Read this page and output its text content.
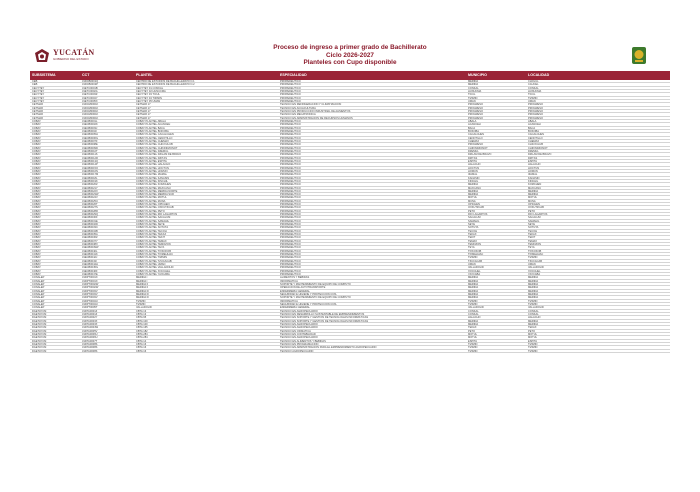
YUCATÁN
GOBIERNO DEL ESTADO
Proceso de ingreso a primer grado de Bachillerato
Ciclo 2026-2027
Planteles con Cupo disponible
SUBSISTEMA	CCT	PLANTEL	ESPECIALIDAD	MUNICIPIO	LOCALIDAD
CEB	31DCB0001Q	CENTRO DE ESTUDIOS DE BACHILLERATO N.1	PROPEDÉUTICO	MÉRIDA	CHOLUL
CEB	31DCB0002P	CENTRO DE ESTUDIOS DE BACHILLERATO N.2	PROPEDÉUTICO	MÉRIDA	CAUCEL
CECYTEY	31ETC0001B	CECYTEY 01 CONKAL	PROPEDÉUTICO	CONKAL	CONKAL
CECYTEY	31ETC0002A	CECYTEY 02 HUNUCMÁ	PROPEDÉUTICO	HUNUCMÁ	HUNUCMÁ
CECYTEY	31ETC0003Z	CECYTEY 03 TICUL	PROPEDÉUTICO	TICUL	TICUL
CECYTEY	31ETC0004Y	CECYTEY 04 TIZIMÍN	PROPEDÉUTICO	TIZIMÍN	TIZIMÍN
CECYTEY	31ETC0005X	CECYTEY 05 UMÁN	PROPEDÉUTICO	UMÁN	UMÁN
CETMAR	31DCM0001K	CETMAR 17	TÉCNICO EN REFRIGERACIÓN Y CLIMATIZACIÓN	PROGRESO	PROGRESO
CETMAR	31DCM0001K	CETMAR 17	TÉCNICO EN ACUACULTURA	PROGRESO	PROGRESO
CETMAR	31DCM0001K	CETMAR 17	TÉCNICO EN PRODUCCIÓN INDUSTRIAL DE ALIMENTOS	PROGRESO	PROGRESO
CETMAR	31DCM0001K	CETMAR 17	TÉCNICO EN MECATRÓNICA	PROGRESO	PROGRESO
CETMAR	31DCM0001K	CETMAR 17	TÉCNICO EN ADMINISTRACIÓN DE RECURSOS HUMANOS	PROGRESO	PROGRESO
COBAY	31ECB0001L	COBAY PLANTEL ABALÁ	PROPEDÉUTICO	ABALÁ	ABALÁ
COBAY	31ECB0002K	COBAY PLANTEL ACANCEH	PROPEDÉUTICO	ACANCEH	ACANCEH
COBAY	31ECB0003J	COBAY PLANTEL BACA	PROPEDÉUTICO	BACA	BACA
COBAY	31ECB0004I	COBAY PLANTEL BOKOBÁ	PROPEDÉUTICO	BOKOBÁ	BOKOBÁ
COBAY	31ECB0005H	COBAY PLANTEL CACALCHÉN	PROPEDÉUTICO	CACALCHÉN	CACALCHÉN
COBAY	31ECB0006G	COBAY PLANTEL CENOTILLO	PROPEDÉUTICO	CENOTILLO	CENOTILLO
COBAY	31ECB0007F	COBAY PLANTEL CHEMAX	PROPEDÉUTICO	CHEMAX	CHEMAX
COBAY	31ECB0008E	COBAY PLANTEL CHICXULUB	PROPEDÉUTICO	PROGRESO	CHICXULUB
COBAY	31ECB0009D	COBAY PLANTEL CHIKINDZONOT	PROPEDÉUTICO	CHIKINDZONOT	CHIKINDZONOT
COBAY	31ECB0010T	COBAY PLANTEL DZEMUL	PROPEDÉUTICO	DZEMUL	DZEMUL
COBAY	31ECB0011S	COBAY PLANTEL DZILAM DE BRAVO	PROPEDÉUTICO	DZILAM DE BRAVO	DZILAM DE BRAVO
COBAY	31ECB0012R	COBAY PLANTEL DZITÁS	PROPEDÉUTICO	DZITÁS	DZITÁS
COBAY	31ECB0013Q	COBAY PLANTEL ESPITA	PROPEDÉUTICO	ESPITA	ESPITA
COBAY	31ECB0014P	COBAY PLANTEL HALACHÓ	PROPEDÉUTICO	HALACHÓ	HALACHÓ
COBAY	31ECB0015O	COBAY PLANTEL HOCTÚN	PROPEDÉUTICO	HOCTÚN	HOCTÚN
COBAY	31ECB0016N	COBAY PLANTEL HOMÚN	PROPEDÉUTICO	HOMÚN	HOMÚN
COBAY	31ECB0017M	COBAY PLANTEL IZAMAL	PROPEDÉUTICO	IZAMAL	IZAMAL
COBAY	31ECB0018L	COBAY PLANTEL KANASÍN	PROPEDÉUTICO	KANASÍN	KANASÍN
COBAY	31ECB0019K	COBAY PLANTEL KINCHIL	PROPEDÉUTICO	KINCHIL	KINCHIL
COBAY	31ECB0020Z	COBAY PLANTEL KOMCHÉN	PROPEDÉUTICO	MÉRIDA	KOMCHÉN
COBAY	31ECB0021Y	COBAY PLANTEL MAXCANÚ	PROPEDÉUTICO	MAXCANÚ	MAXCANÚ
COBAY	31ECB0022X	COBAY PLANTEL MÉRIDA NORTE	PROPEDÉUTICO	MÉRIDA	MÉRIDA
COBAY	31ECB0023W	COBAY PLANTEL MÉRIDA SUR	PROPEDÉUTICO	MÉRIDA	MÉRIDA
COBAY	31ECB0024V	COBAY PLANTEL MOTUL	PROPEDÉUTICO	MOTUL	MOTUL
COBAY	31ECB0025U	COBAY PLANTEL MUNA	PROPEDÉUTICO	MUNA	MUNA
COBAY	31ECB0026T	COBAY PLANTEL OPICHÉN	PROPEDÉUTICO	OPICHÉN	OPICHÉN
COBAY	31ECB0027S	COBAY PLANTEL OXKUTZCAB	PROPEDÉUTICO	OXKUTZCAB	OXKUTZCAB
COBAY	31ECB0028R	COBAY PLANTEL PETO	PROPEDÉUTICO	PETO	PETO
COBAY	31ECB0029Q	COBAY PLANTEL RÍO LAGARTOS	PROPEDÉUTICO	RÍO LAGARTOS	RÍO LAGARTOS
COBAY	31ECB0030F	COBAY PLANTEL SACALUM	PROPEDÉUTICO	SACALUM	SACALUM
COBAY	31ECB0031E	COBAY PLANTEL SAMAHIL	PROPEDÉUTICO	SAMAHIL	SAMAHIL
COBAY	31ECB0032D	COBAY PLANTEL SEYÉ	PROPEDÉUTICO	SEYÉ	SEYÉ
COBAY	31ECB0033C	COBAY PLANTEL SOTUTA	PROPEDÉUTICO	SOTUTA	SOTUTA
COBAY	31ECB0034B	COBAY PLANTEL TECOH	PROPEDÉUTICO	TECOH	TECOH
COBAY	31ECB0035A	COBAY PLANTEL TEKAX	PROPEDÉUTICO	TEKAX	TEKAX
COBAY	31ECB0036Z	COBAY PLANTEL TEKIT	PROPEDÉUTICO	TEKIT	TEKIT
COBAY	31ECB0037Y	COBAY PLANTEL TEMAX	PROPEDÉUTICO	TEMAX	TEMAX
COBAY	31ECB0038X	COBAY PLANTEL TEMOZÓN	PROPEDÉUTICO	TEMOZÓN	TEMOZÓN
COBAY	31ECB0039W	COBAY PLANTEL TEYA	PROPEDÉUTICO	TEYA	TEYA
COBAY	31ECB0040L	COBAY PLANTEL TIXKOKOB	PROPEDÉUTICO	TIXKOKOB	TIXKOKOB
COBAY	31ECB0041K	COBAY PLANTEL TIXMEHUAC	PROPEDÉUTICO	TIXMEHUAC	TIXMEHUAC
COBAY	31ECB0042J	COBAY PLANTEL TIZIMÍN	PROPEDÉUTICO	TIZIMÍN	TIZIMÍN
COBAY	31ECB0043I	COBAY PLANTEL TZUCACAB	PROPEDÉUTICO	TZUCACAB	TZUCACAB
COBAY	31ECB0044H	COBAY PLANTEL UMÁN	PROPEDÉUTICO	UMÁN	UMÁN
COBAY	31ECB0045G	COBAY PLANTEL VALLADOLID	PROPEDÉUTICO	VALLADOLID	VALLADOLID
COBAY	31ECB0046F	COBAY PLANTEL XOCCHEL	PROPEDÉUTICO	XOCCHEL	XOCCHEL
COBAY	31ECB0047E	COBAY PLANTEL YAXCABÁ	PROPEDÉUTICO	YAXCABÁ	YAXCABÁ
CONALEP	31DPT0001X	MÉRIDA I	ALIMENTOS Y BEBIDAS	MÉRIDA	MÉRIDA
CONALEP	31DPT0001X	MÉRIDA I	INFORMÁTICA	MÉRIDA	MÉRIDA
CONALEP	31DPT0002W	MÉRIDA II	SOPORTE Y MANTENIMIENTO DE EQUIPO DE CÓMPUTO	MÉRIDA	MÉRIDA
CONALEP	31DPT0002W	MÉRIDA II	OPERACIÓN DE AUTOTRANSPORTE	MÉRIDA	MÉRIDA
CONALEP	31DPT0003V	MÉRIDA III	ENFERMERÍA GENERAL	MÉRIDA	MÉRIDA
CONALEP	31DPT0003V	MÉRIDA III	SEGURIDAD E HIGIENE Y PROTECCIÓN CIVIL	MÉRIDA	MÉRIDA
CONALEP	31DPT0003V	MÉRIDA III	SOPORTE Y MANTENIMIENTO DE EQUIPO DE CÓMPUTO	MÉRIDA	MÉRIDA
CONALEP	31DPT0004U	TIZIMÍN	INFORMÁTICA	TIZIMÍN	TIZIMÍN
CONALEP	31DPT0004U	TIZIMÍN	SEGURIDAD E HIGIENE Y PROTECCIÓN CIVIL	TIZIMÍN	TIZIMÍN
CONALEP	31DPT0005T	VALLADOLID	ENFERMERÍA GENERAL	VALLADOLID	VALLADOLID
DGETAYCM	31DTA0001Z	CBTA 13	TÉCNICO EN AGROPECUARIO	CONKAL	CONKAL
DGETAYCM	31DTA0001Z	CBTA 13	TÉCNICO EN DESARROLLO SUSTENTABLE DE EMPRENDIMIENTOS	CONKAL	CONKAL
DGETAYCM	31DTA0002Y	CBTA 95	TÉCNICO EN SOPORTE Y GESTIÓN DE TECNOLOGÍAS INFORMÁTICAS	HALACHÓ	HALACHÓ
DGETAYCM	31DTA0003X	CBTA 100	TÉCNICO EN SOPORTE Y GESTIÓN DE TECNOLOGÍAS INFORMÁTICAS	MÉRIDA	MÉRIDA
DGETAYCM	31DTA0003X	CBTA 100	TÉCNICO EN AGROPECUARIO	MÉRIDA	MÉRIDA
DGETAYCM	31DTA0004W	CBTA 165	TÉCNICO EN AGROPECUARIO	TEKAX	TEKAX
DGETAYCM	31DTA0005V	CBTA 182	TÉCNICO EN OFIMÁTICA	PETO	PETO
DGETAYCM	31DTA0006U	CBTA 284	TÉCNICO EN CONTABILIDAD	MOTUL	MOTUL
DGETAYCM	31DTA0006U	CBTA 284	TÉCNICO EN AGROPECUARIO	MOTUL	MOTUL
DGETAYCM	31DTA0007T	CBTA 14	TÉCNICO EN ALIMENTOS Y BEBIDAS	ESPITA	ESPITA
DGETAYCM	31DTA0008S	CBTA 16	TÉCNICO EN PROGRAMACIÓN	TIZIMÍN	TIZIMÍN
DGETAYCM	31DTA0008S	CBTA 16	TÉCNICO EN ADMINISTRACIÓN PARA EL EMPRENDIMIENTO AGROPECUARIO	TIZIMÍN	TIZIMÍN
DGETAYCM	31DTA0008S	CBTA 16	TÉCNICO AGROPECUARIO	TIZIMÍN	TIZIMÍN
